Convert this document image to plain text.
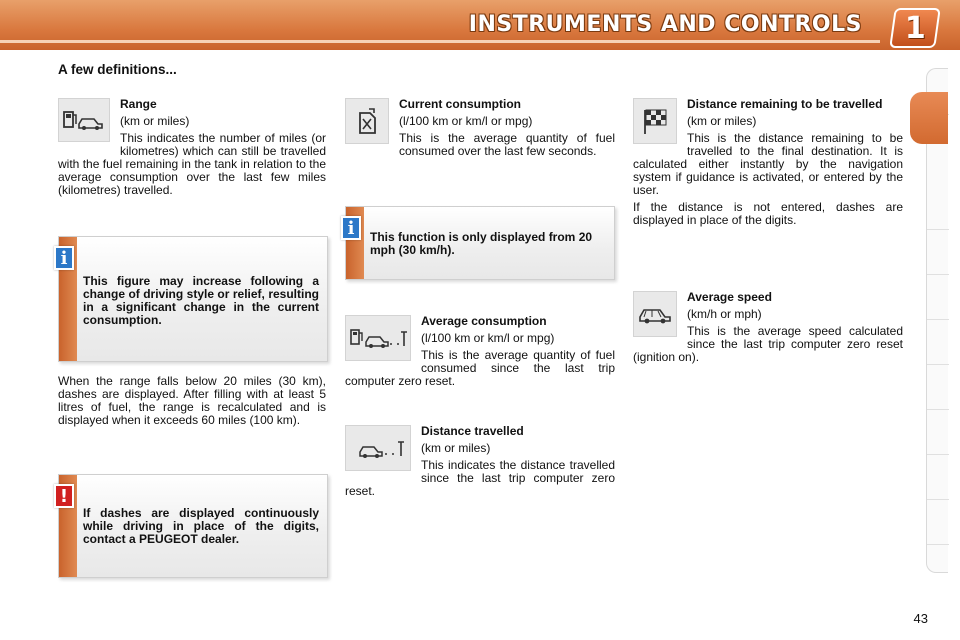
INSTRUMENTS AND CONTROLS 1
A few definitions...
Range

(km or miles)

This indicates the number of miles (or kilometres) which can still be travelled with the fuel remaining in the tank in relation to the average consumption over the last few miles (kilometres) travelled.

This figure may increase following a change of driving style or relief, resulting in a significant change in the current consumption.
i
When the range falls below 20 miles (30 km), dashes are displayed. After filling with at least 5 litres of fuel, the range is recalculated and is displayed when it exceeds 60 miles (100 km).
If dashes are displayed continuously while driving in place of the digits, contact a PEUGEOT dealer.
!
Current consumption

(l/100 km or km/l or mpg)

This is the average quantity of fuel consumed over the last few seconds.

This function is only displayed from 20 mph (30 km/h).
i
Average consumption

(l/100 km or km/l or mpg)

This is the average quantity of fuel consumed since the last trip computer zero reset.

Distance travelled

(km or miles)

This indicates the distance travelled since the last trip computer zero reset.

Distance remaining to be travelled

(km or miles)

This is the distance remaining to be travelled to the final destination. It is calculated either instantly by the navigation system if guidance is activated, or entered by the user.

If the distance is not entered, dashes are displayed in place of the digits.

Average speed

(km/h or mph)

This is the average speed calculated since the last trip computer zero reset (ignition on).

43
